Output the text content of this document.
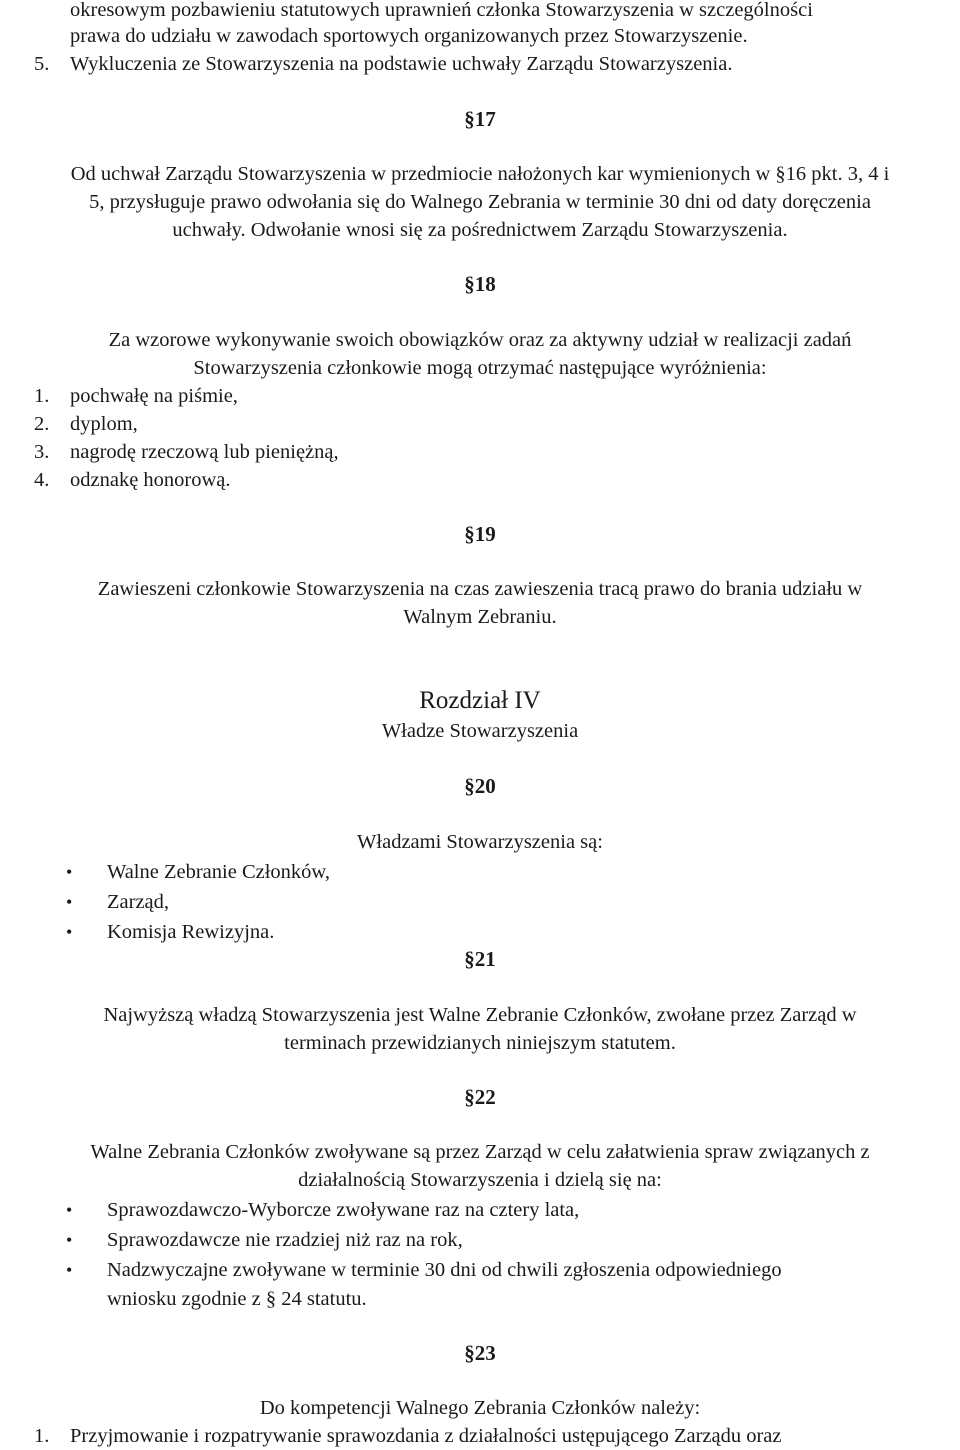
okresowym pozbawieniu statutowych uprawnień członka Stowarzyszenia w szczególności
prawa do udziału w zawodach sportowych organizowanych przez Stowarzyszenie.
5. Wykluczenia ze Stowarzyszenia na podstawie uchwały Zarządu Stowarzyszenia.
§17
Od uchwał Zarządu Stowarzyszenia w przedmiocie nałożonych kar wymienionych w §16 pkt. 3, 4 i
5, przysługuje prawo odwołania się do Walnego Zebrania w terminie 30 dni od daty doręczenia
uchwały. Odwołanie wnosi się za pośrednictwem Zarządu Stowarzyszenia.
§18
Za wzorowe wykonywanie swoich obowiązków oraz za aktywny udział w realizacji zadań
Stowarzyszenia członkowie mogą otrzymać następujące wyróżnienia:
1. pochwałę na piśmie,
2. dyplom,
3. nagrodę rzeczową lub pieniężną,
4. odznakę honorową.
§19
Zawieszeni członkowie Stowarzyszenia na czas zawieszenia tracą prawo do brania udziału w
Walnym Zebraniu.
Rozdział IV
Władze Stowarzyszenia
§20
Władzami Stowarzyszenia są:
• Walne Zebranie Członków,
• Zarząd,
• Komisja Rewizyjna.
§21
Najwyższą władzą Stowarzyszenia jest Walne Zebranie Członków, zwołane przez Zarząd w
terminach przewidzianych niniejszym statutem.
§22
Walne Zebrania Członków zwoływane są przez Zarząd w celu załatwienia spraw związanych z
działalnością Stowarzyszenia i dzielą się na:
• Sprawozdawczo-Wyborcze zwoływane raz na cztery lata,
• Sprawozdawcze nie rzadziej niż raz na rok,
• Nadzwyczajne zwoływane w terminie 30 dni od chwili zgłoszenia odpowiedniego
wniosku zgodnie z § 24 statutu.
§23
Do kompetencji Walnego Zebrania Członków należy:
1. Przyjmowanie i rozpatrywanie sprawozdania z działalności ustępującego Zarządu oraz
